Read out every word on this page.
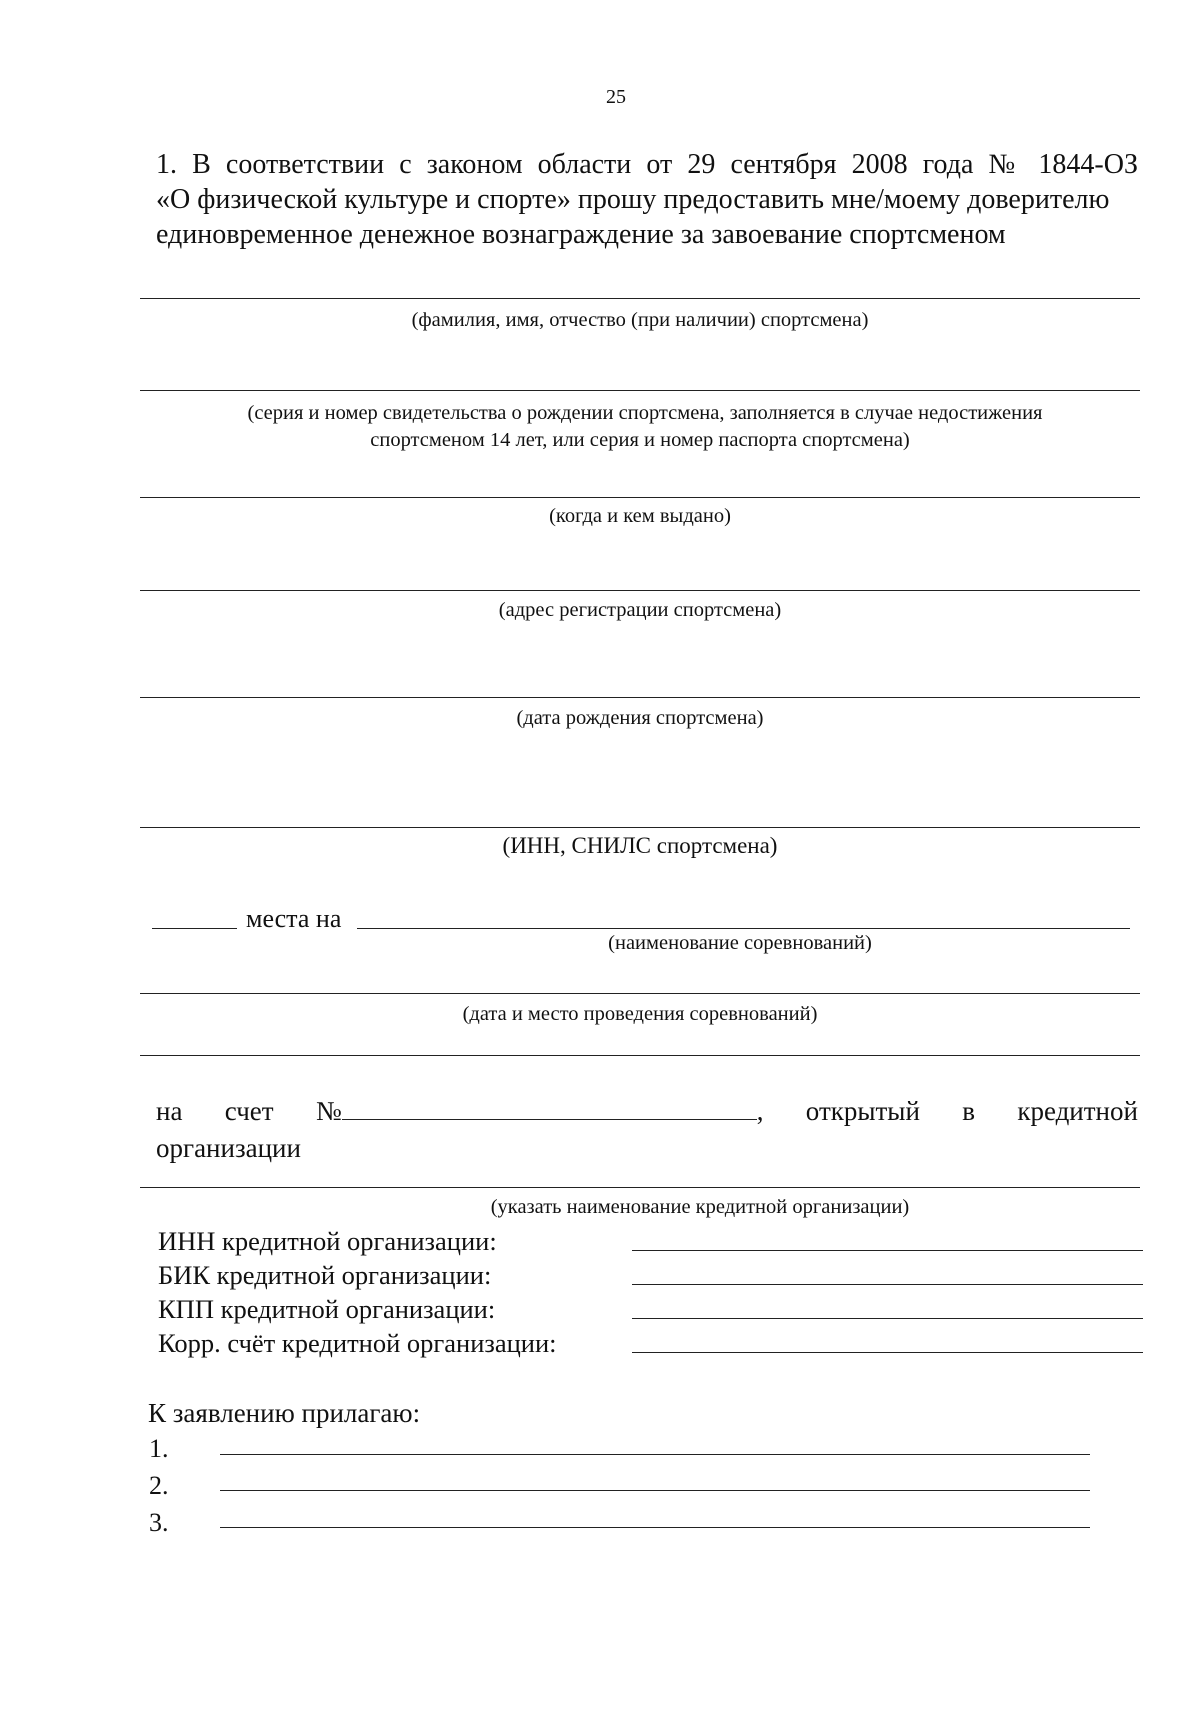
25
1. В соответствии с законом области от 29 сентября 2008 года № 1844-ОЗ
«О физической культуре и спорте» прошу предоставить мне/моему доверителю
единовременное денежное вознаграждение за завоевание спортсменом
(фамилия, имя, отчество (при наличии) спортсмена)
(серия и номер свидетельства о рождении спортсмена, заполняется в случае недостижения
спортсменом 14 лет, или серия и номер паспорта спортсмена)
(когда и кем выдано)
(адрес регистрации спортсмена)
(дата рождения спортсмена)
(ИНН, СНИЛС спортсмена)
места на
(наименование соревнований)
(дата и место проведения соревнований)
на счет №	, открытый в кредитной
организации
(указать наименование кредитной организации)
ИНН кредитной организации:
БИК кредитной организации:
КПП кредитной организации:
Корр. счёт кредитной организации:
К заявлению прилагаю:
1.
2.
3.
